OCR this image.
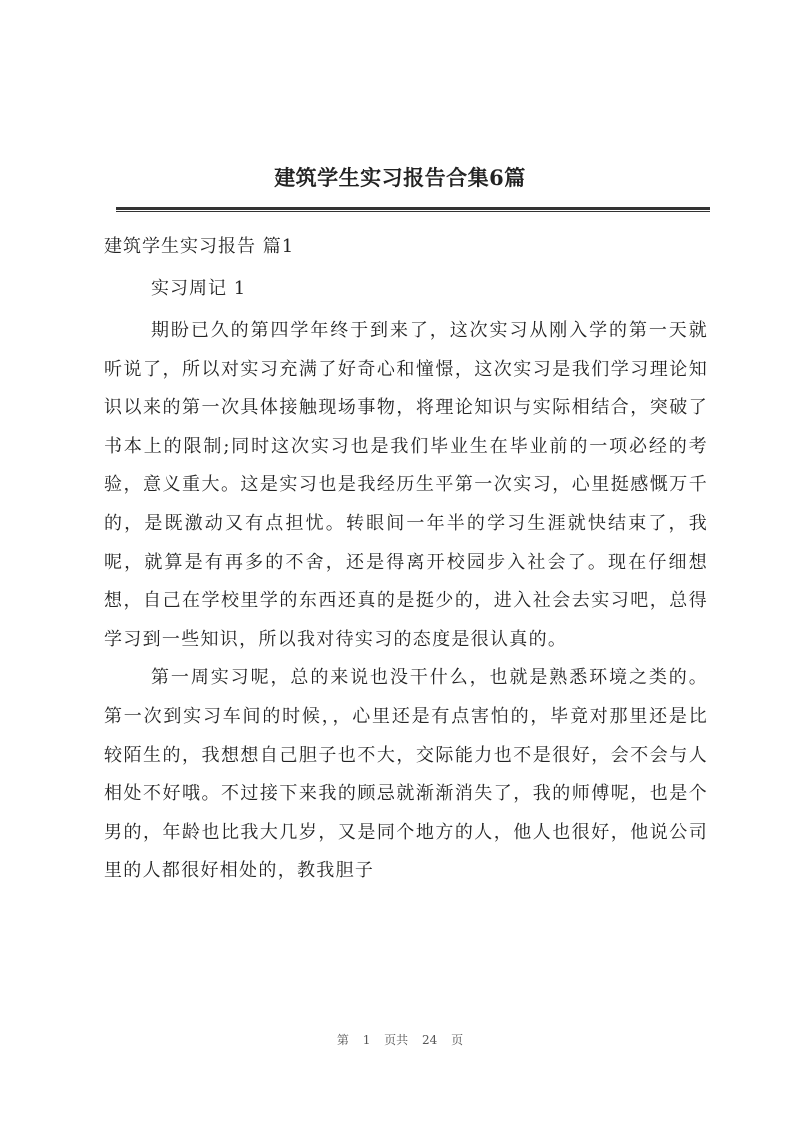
建筑学生实习报告合集6篇
建筑学生实习报告 篇1
实习周记 1

期盼已久的第四学年终于到来了，这次实习从刚入学的第一天就听说了，所以对实习充满了好奇心和憧憬，这次实习是我们学习理论知识以来的第一次具体接触现场事物，将理论知识与实际相结合，突破了书本上的限制;同时这次实习也是我们毕业生在毕业前的一项必经的考验，意义重大。这是实习也是我经历生平第一次实习，心里挺感慨万千的，是既激动又有点担忧。转眼间一年半的学习生涯就快结束了，我呢，就算是有再多的不舍，还是得离开校园步入社会了。现在仔细想想，自己在学校里学的东西还真的是挺少的，进入社会去实习吧，总得学习到一些知识，所以我对待实习的态度是很认真的。

第一周实习呢，总的来说也没干什么，也就是熟悉环境之类的。第一次到实习车间的时候，，心里还是有点害怕的，毕竟对那里还是比较陌生的，我想想自己胆子也不大，交际能力也不是很好，会不会与人相处不好哦。不过接下来我的顾忌就渐渐消失了，我的师傅呢，也是个男的，年龄也比我大几岁，又是同个地方的人，他人也很好，他说公司里的人都很好相处的，教我胆子

第 1 页共 24 页
